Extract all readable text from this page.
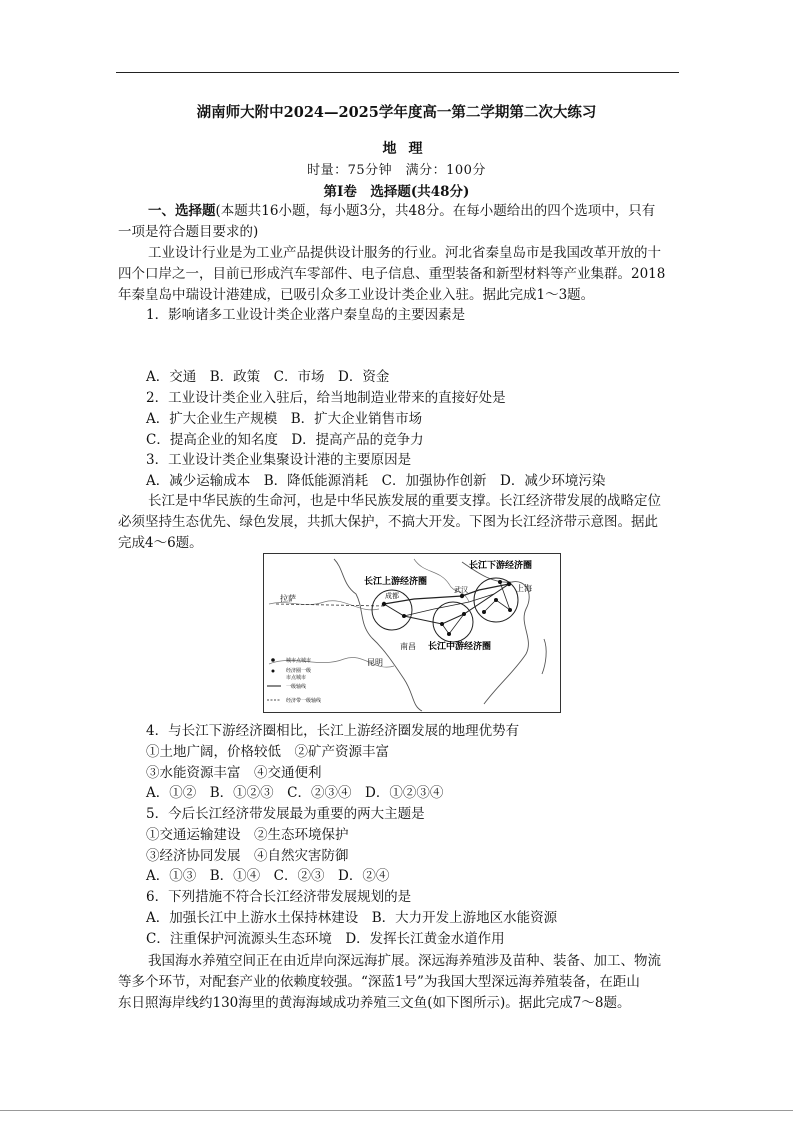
湖南师大附中2024—2025学年度高一第二学期第二次大练习
地理
时量：75分钟　满分：100分
第Ⅰ卷　选择题(共48分)
一、选择题(本题共16小题，每小题3分，共48分。在每小题给出的四个选项中，只有
一项是符合题目要求的)
工业设计行业是为工业产品提供设计服务的行业。河北省秦皇岛市是我国改革开放的十
四个口岸之一，目前已形成汽车零部件、电子信息、重型装备和新型材料等产业集群。2018
年秦皇岛中瑞设计港建成，已吸引众多工业设计类企业入驻。据此完成1～3题。
1．影响诸多工业设计类企业落户秦皇岛的主要因素是
A．交通　B．政策　C．市场　D．资金
2．工业设计类企业入驻后，给当地制造业带来的直接好处是
A．扩大企业生产规模　B．扩大企业销售市场
C．提高企业的知名度　D．提高产品的竞争力
3．工业设计类企业集聚设计港的主要原因是
A．减少运输成本　B．降低能源消耗　C．加强协作创新　D．减少环境污染
长江是中华民族的生命河，也是中华民族发展的重要支撑。长江经济带发展的战略定位
必须坚持生态优先、绿色发展，共抓大保护，不搞大开发。下图为长江经济带示意图。据此
完成4～6题。
长江下游经济圈
长江上游经济圈
长江中游经济圈
上海
拉萨	成都
武汉
南昌
昆明
城市点城市
经济圈一级
市点城市
一级轴线
经济带一级轴线
4．与长江下游经济圈相比，长江上游经济圈发展的地理优势有
①土地广阔，价格较低　②矿产资源丰富
③水能资源丰富　④交通便利
A．①②　B．①②③　C．②③④　D．①②③④
5．今后长江经济带发展最为重要的两大主题是
①交通运输建设　②生态环境保护
③经济协同发展　④自然灾害防御
A．①③　B．①④　C．②③　D．②④
6．下列措施不符合长江经济带发展规划的是
A．加强长江中上游水土保持林建设　B．大力开发上游地区水能资源
C．注重保护河流源头生态环境　D．发挥长江黄金水道作用
我国海水养殖空间正在由近岸向深远海扩展。深远海养殖涉及苗种、装备、加工、物流
等多个环节，对配套产业的依赖度较强。“深蓝1号”为我国大型深远海养殖装备，在距山
东日照海岸线约130海里的黄海海域成功养殖三文鱼(如下图所示)。据此完成7～8题。
